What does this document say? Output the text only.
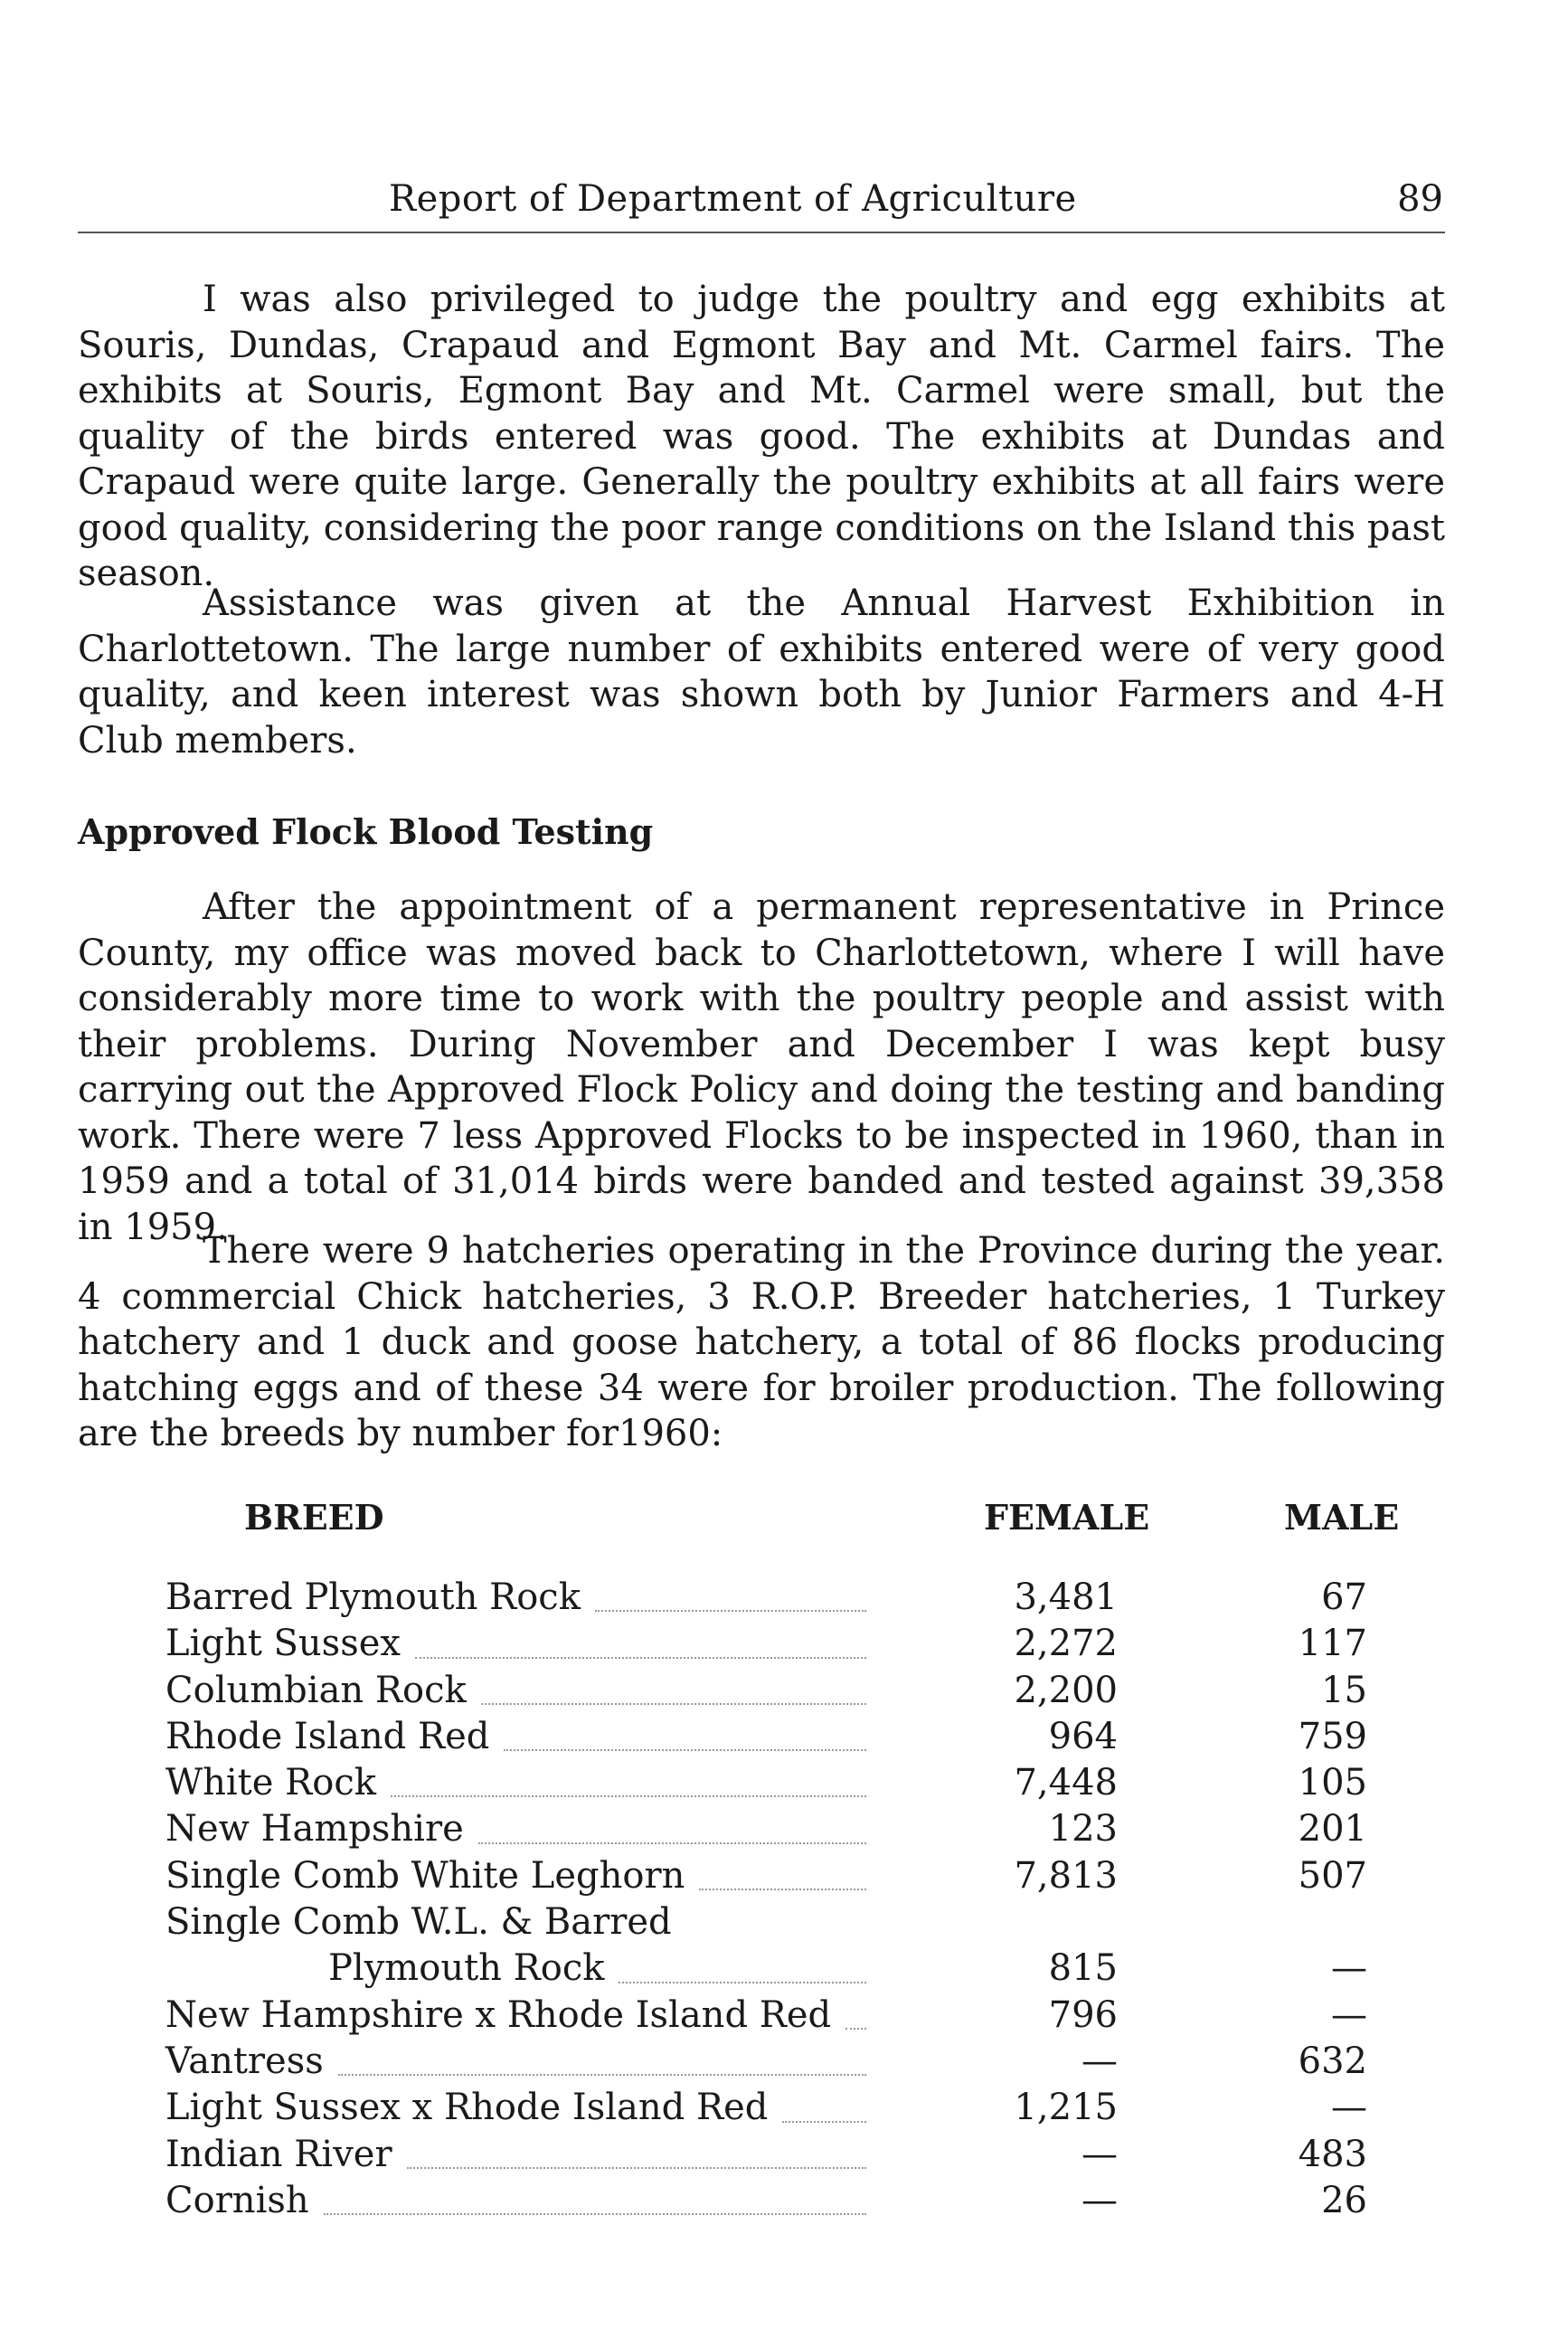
Report of Department of Agriculture	89

I was also privileged to judge the poultry and egg exhibits at Souris, Dundas, Crapaud and Egmont Bay and Mt. Carmel fairs. The exhibits at Souris, Egmont Bay and Mt. Carmel were small, but the quality of the birds entered was good. The exhibits at Dundas and Crapaud were quite large. Generally the poultry exhibits at all fairs were good quality, considering the poor range conditions on the Island this past season.

Assistance was given at the Annual Harvest Exhibition in Charlottetown. The large number of exhibits entered were of very good quality, and keen interest was shown both by Junior Farmers and 4-H Club members.

Approved Flock Blood Testing

After the appointment of a permanent representative in Prince County, my office was moved back to Charlottetown, where I will have considerably more time to work with the poultry people and assist with their problems. During November and December I was kept busy carrying out the Approved Flock Policy and doing the testing and banding work. There were 7 less Approved Flocks to be inspected in 1960, than in 1959 and a total of 31,014 birds were banded and tested against 39,358 in 1959.

There were 9 hatcheries operating in the Province during the year. 4 commercial Chick hatcheries, 3 R.O.P. Breeder hatcheries, 1 Turkey hatchery and 1 duck and goose hatchery, a total of 86 flocks producing hatching eggs and of these 34 were for broiler production. The following are the breeds by number for1960:

BREED	FEMALE	MALE
Barred Plymouth Rock	3,481	67
Light Sussex	2,272	117
Columbian Rock	2,200	15
Rhode Island Red	964	759
White Rock	7,448	105
New Hampshire	123	201
Single Comb White Leghorn	7,813	507
Single Comb W.L. & Barred
Plymouth Rock	815	—
New Hampshire x Rhode Island Red	796	—
Vantress	—	632
Light Sussex x Rhode Island Red	1,215	—
Indian River	—	483
Cornish	—	26
